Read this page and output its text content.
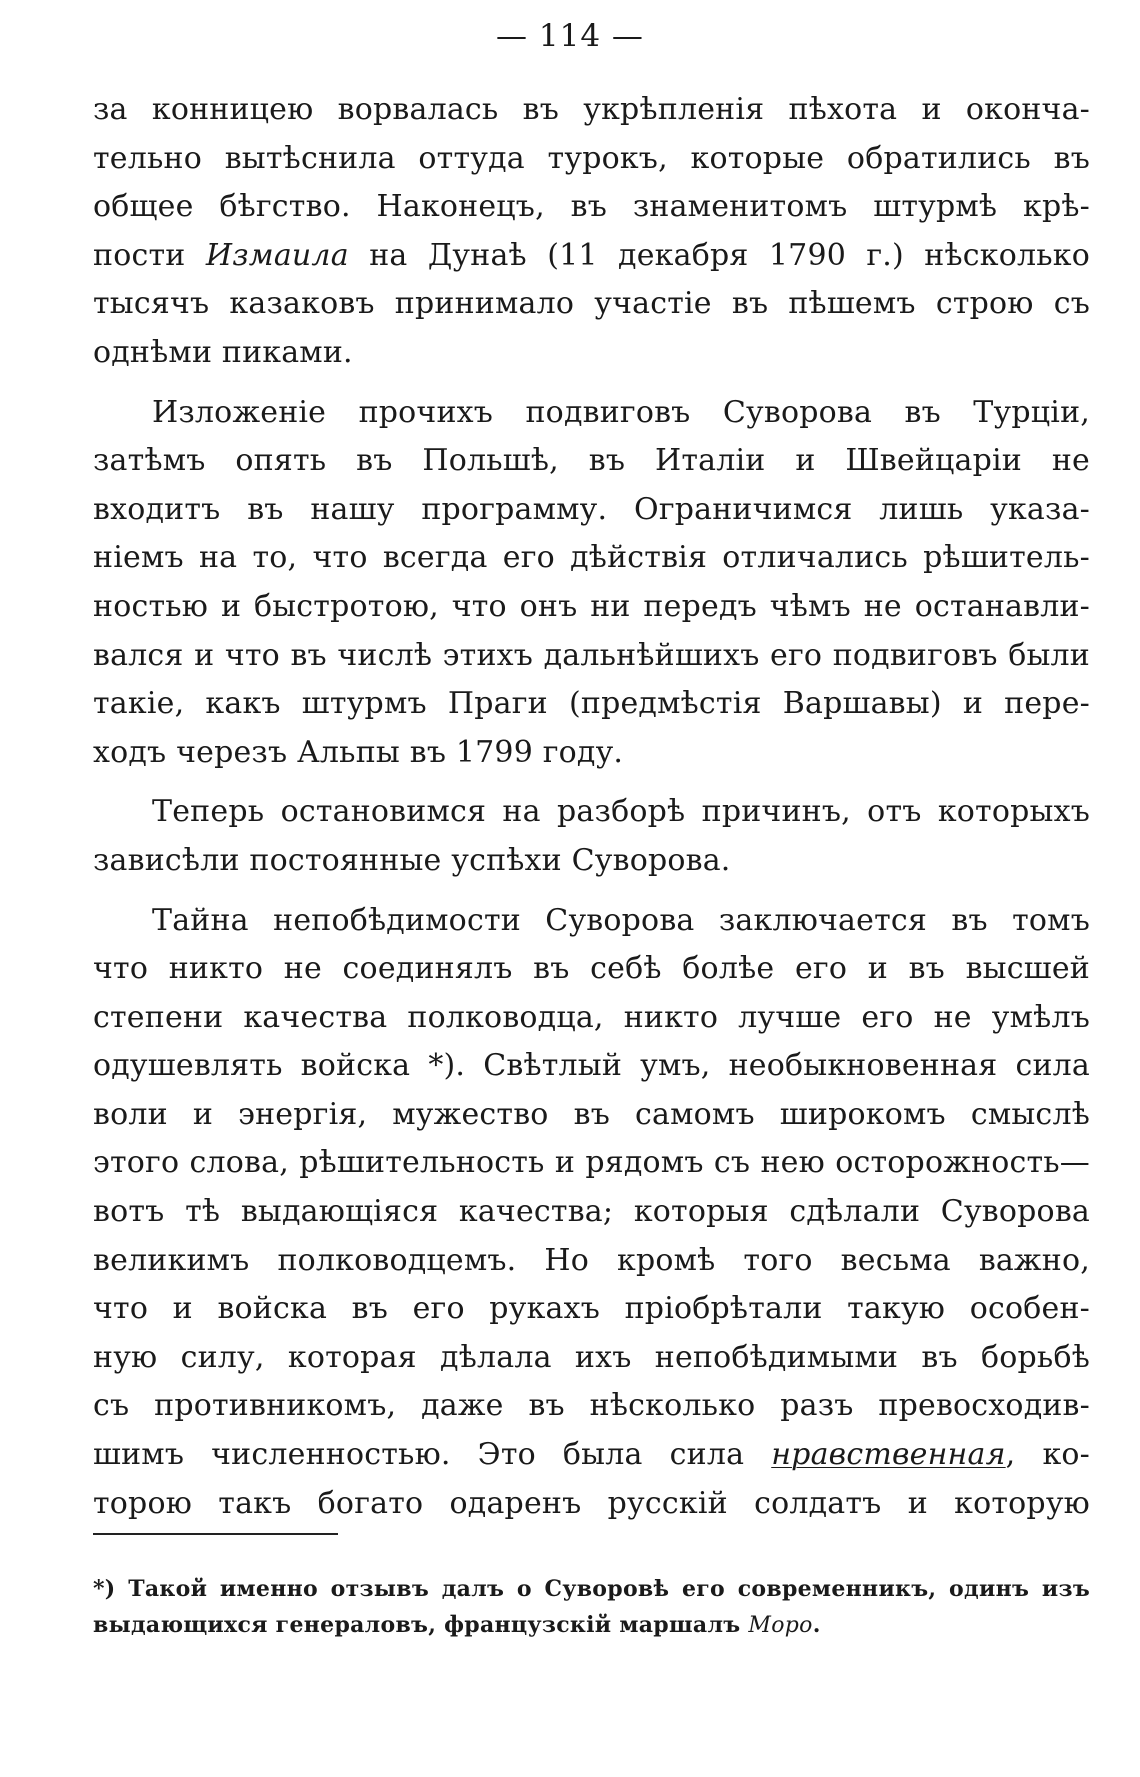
— 114 —

за конницею ворвалась въ укрѣпленія пѣхота и оконча-
тельно вытѣснила оттуда турокъ, которые обратились въ
общее бѣгство. Наконецъ, въ знаменитомъ штурмѣ крѣ-
пости Измаила на Дунаѣ (11 декабря 1790 г.) нѣсколько
тысячъ казаковъ принимало участіе въ пѣшемъ строю съ
однѣми пиками.

Изложеніе прочихъ подвиговъ Суворова въ Турціи,
затѣмъ опять въ Польшѣ, въ Италіи и Швейцаріи не
входитъ въ нашу программу. Ограничимся лишь указа-
ніемъ на то, что всегда его дѣйствія отличались рѣшитель-
ностью и быстротою, что онъ ни передъ чѣмъ не останавли-
вался и что въ числѣ этихъ дальнѣйшихъ его подвиговъ были
такіе, какъ штурмъ Праги (предмѣстія Варшавы) и пере-
ходъ черезъ Альпы въ 1799 году.

Теперь остановимся на разборѣ причинъ, отъ которыхъ
зависѣли постоянные успѣхи Суворова.

Тайна непобѣдимости Суворова заключается въ томъ
что никто не соединялъ въ себѣ болѣе его и въ высшей
степени качества полководца, никто лучше его не умѣлъ
одушевлять войска *). Свѣтлый умъ, необыкновенная сила
воли и энергія, мужество въ самомъ широкомъ смыслѣ
этого слова, рѣшительность и рядомъ съ нею осторожность—
вотъ тѣ выдающіяся качества; которыя сдѣлали Суворова
великимъ полководцемъ. Но кромѣ того весьма важно,
что и войска въ его рукахъ пріобрѣтали такую особен-
ную силу, которая дѣлала ихъ непобѣдимыми въ борьбѣ
съ противникомъ, даже въ нѣсколько разъ превосходив-
шимъ численностью. Это была сила нравственная, ко-
торою такъ богато одаренъ русскій солдатъ и которую

*) Такой именно отзывъ далъ о Суворовѣ его современникъ, одинъ изъ
выдающихся генераловъ, французскій маршалъ Моро.
